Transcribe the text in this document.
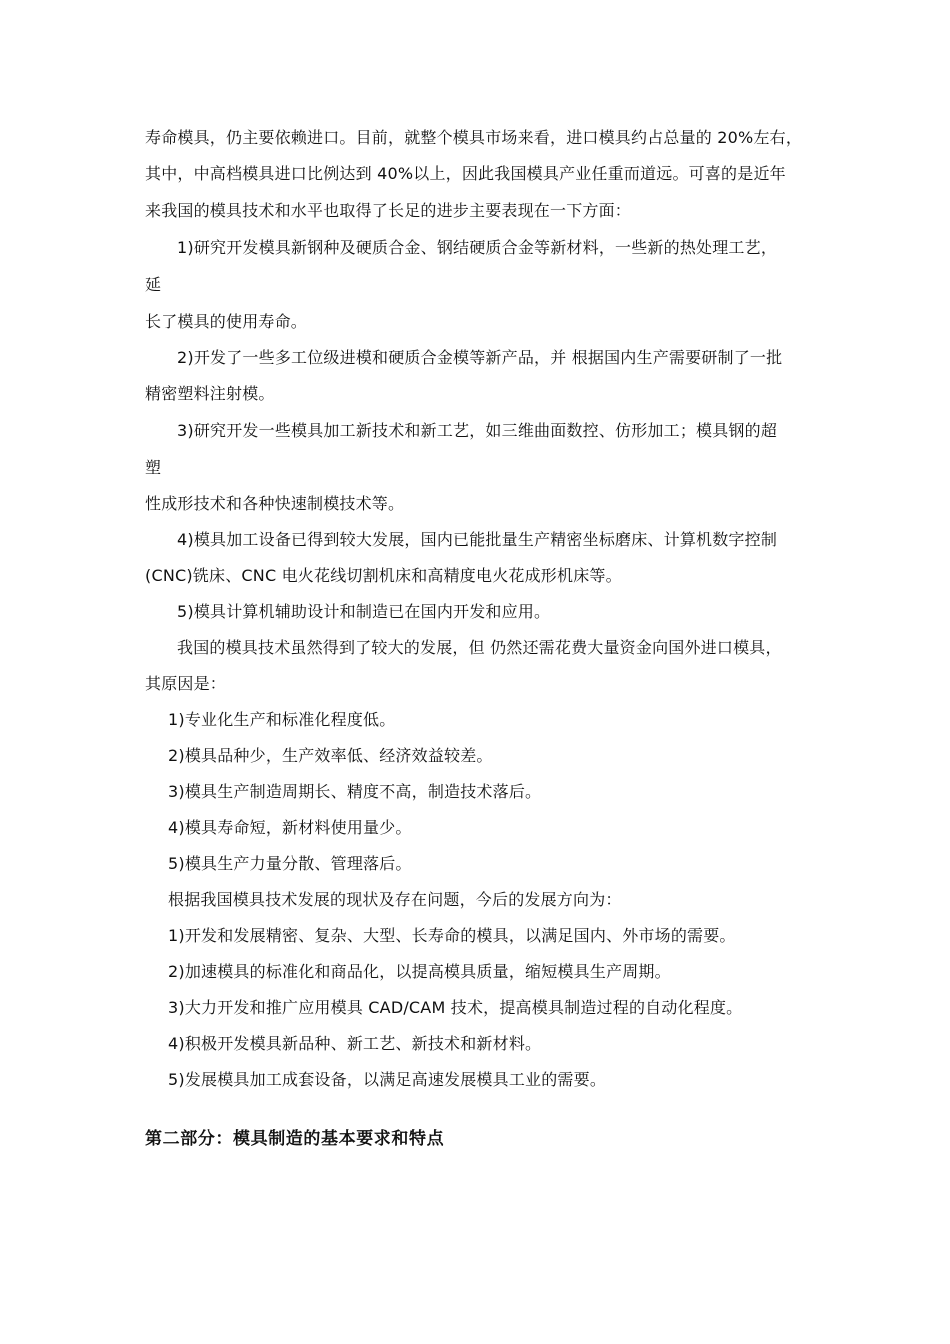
寿命模具，仍主要依赖进口。目前，就整个模具市场来看，进口模具约占总量的 20%左右，
其中，中高档模具进口比例达到 40%以上，因此我国模具产业任重而道远。可喜的是近年
来我国的模具技术和水平也取得了长足的进步主要表现在一下方面：
1)研究开发模具新钢种及硬质合金、钢结硬质合金等新材料，一些新的热处理工艺，
延
长了模具的使用寿命。
2)开发了一些多工位级进模和硬质合金模等新产品，并 根据国内生产需要研制了一批
精密塑料注射模。
3)研究开发一些模具加工新技术和新工艺，如三维曲面数控、仿形加工；模具钢的超
塑
性成形技术和各种快速制模技术等。
4)模具加工设备已得到较大发展，国内已能批量生产精密坐标磨床、计算机数字控制
(CNC)铣床、CNC 电火花线切割机床和高精度电火花成形机床等。
5)模具计算机辅助设计和制造已在国内开发和应用。
我国的模具技术虽然得到了较大的发展，但 仍然还需花费大量资金向国外进口模具，
其原因是：
1)专业化生产和标准化程度低。
2)模具品种少，生产效率低、经济效益较差。
3)模具生产制造周期长、精度不高，制造技术落后。
4)模具寿命短，新材料使用量少。
5)模具生产力量分散、管理落后。
根据我国模具技术发展的现状及存在问题，今后的发展方向为：
1)开发和发展精密、复杂、大型、长寿命的模具，以满足国内、外市场的需要。
2)加速模具的标准化和商品化，以提高模具质量，缩短模具生产周期。
3)大力开发和推广应用模具 CAD/CAM 技术，提高模具制造过程的自动化程度。
4)积极开发模具新品种、新工艺、新技术和新材料。
5)发展模具加工成套设备，以满足高速发展模具工业的需要。
第二部分：模具制造的基本要求和特点
